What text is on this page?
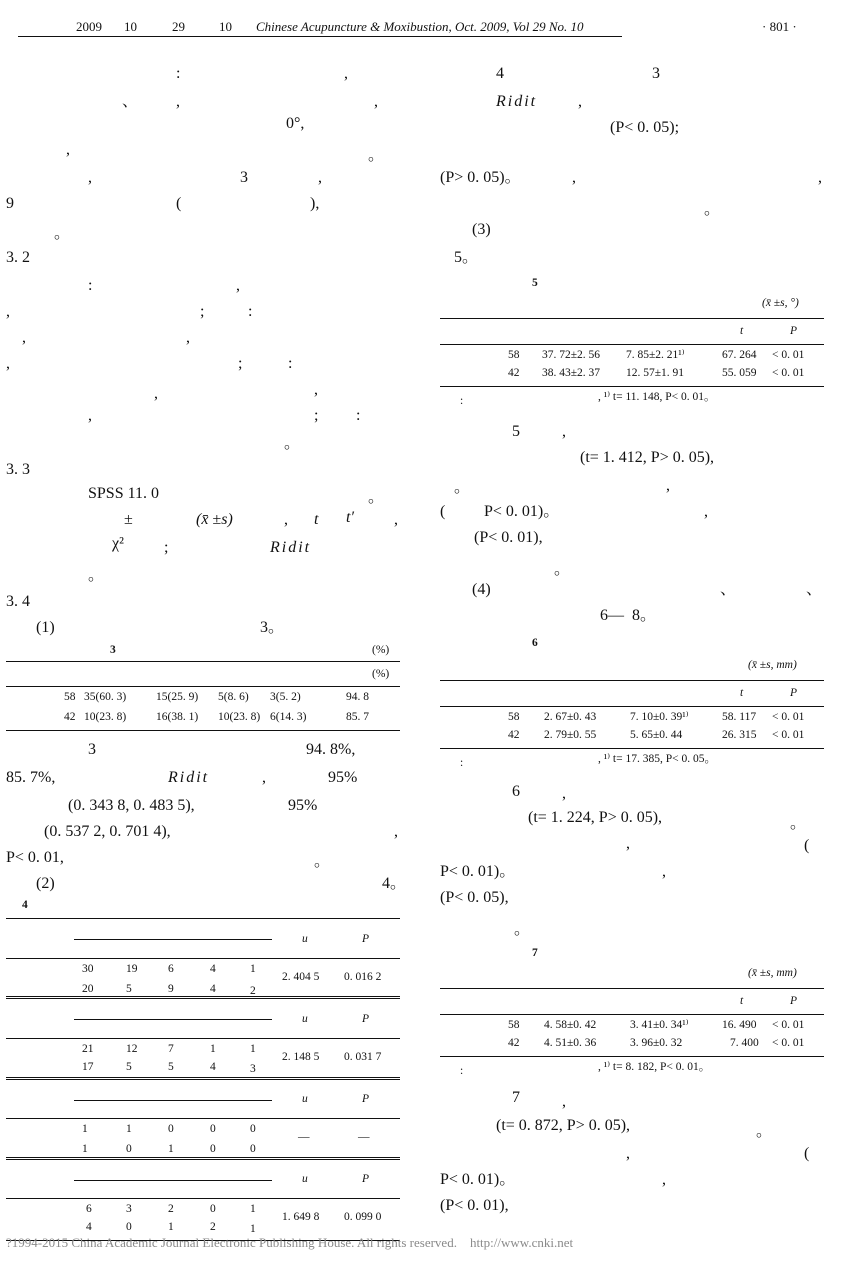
2009 10	29	10 Chinese Acupuncture & Moxibustion, Oct. 2009, Vol 29 No. 10	· 801 ·
:	,
、 ,	,
0°,
,	。
,	3	,
9	(	),
。
3. 2
:	,
,	;	:
,	,
,	;	:
,
,
,	; :
。
3. 3
SPSS 11. 0	。
±	(x̄ ±s)	, t t′	,
χ²	;	Ridit
。
3. 4
(1)	3。
3	(%)
(%)
58 35(60. 3)	15(25. 9) 5(8. 6) 3(5. 2)	94. 8
42 10(23. 8)	16(38. 1) 10(23. 8) 6(14. 3)	85. 7
3	94. 8%,
85. 7%,	Ridit	,	95%
(0. 343 8, 0. 483 5),	95%
(0. 537 2, 0. 701 4),	,
P< 0. 01,	。
(2)	4。
4
u	P
30	19	6	4	1
2. 404 5 0. 016 2
20	5	9	4	2
u	P
21	12	7	1	1
2. 148 5 0. 031 7
17	5	5	4	3
u	P
1	1	0	0	0
—	—
1	0	1	0	0
u	P
6	3	2	0	1
1. 649 8 0. 099 0
4	0	1	2	1
4	3
Ridit	,
(P< 0. 05);
(P> 0. 05)。	,	,
。
(3)
5。
5
(x̄ ±s, °)
t	P
58 37. 72±2. 56 7. 85±2. 21¹⁾	67. 264 < 0. 01
42 38. 43±2. 37 12. 57±1. 91	55. 059 < 0. 01
:	, ¹⁾ t= 11. 148, P< 0. 01。
5	,
(t= 1. 412, P> 0. 05),
。	,
( P< 0. 01)。	,
(P< 0. 01),
。
(4)	、	、
6—  8。
6
(x̄ ±s, mm)
t	P
58 2. 67±0. 43	7. 10±0. 39¹⁾	58. 117 < 0. 01
42 2. 79±0. 55	5. 65±0. 44	26. 315 < 0. 01
:	, ¹⁾ t= 17. 385, P< 0. 05。
6	,
(t= 1. 224, P> 0. 05),	。
,	(
P< 0. 01)。	,
(P< 0. 05),
。
7
(x̄ ±s, mm)
t	P
58 4. 58±0. 42	3. 41±0. 34¹⁾	16. 490 < 0. 01
42 4. 51±0. 36	3. 96±0. 32	7. 400 < 0. 01
:	, ¹⁾ t= 8. 182, P< 0. 01。
7	,
(t= 0. 872, P> 0. 05),	。
,	(
P< 0. 01)。	,
(P< 0. 01),
?1994-2015 China Academic Journal Electronic Publishing House. All rights reserved.    http://www.cnki.net
